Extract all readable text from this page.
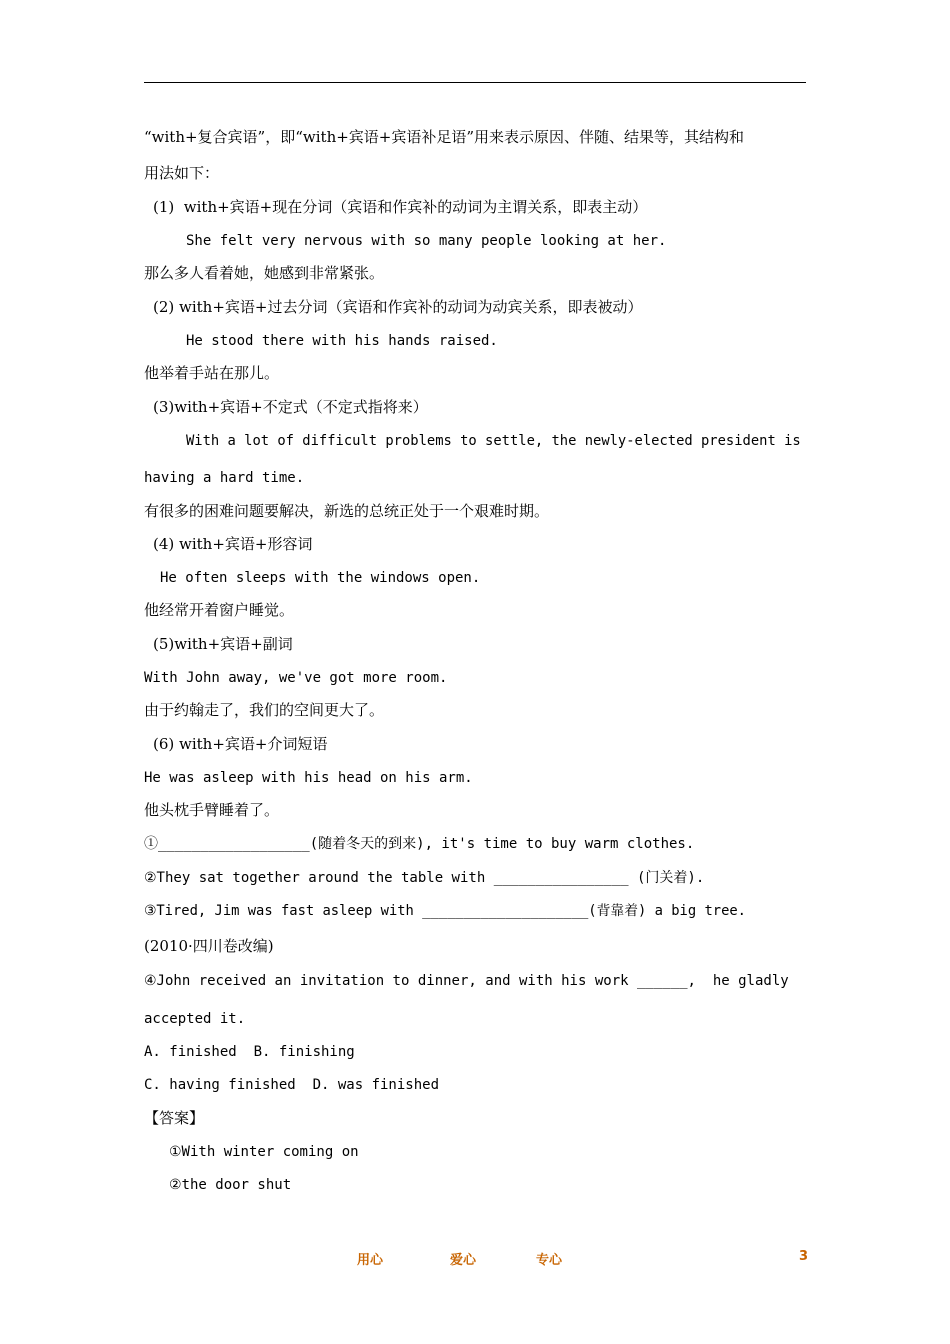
“with+复合宾语”，即“with+宾语+宾语补足语”用来表示原因、伴随、结果等，其结构和
用法如下：
(1)  with+宾语+现在分词（宾语和作宾补的动词为主谓关系，即表主动）
She felt very nervous with so many people looking at her.
那么多人看着她，她感到非常紧张。
(2) with+宾语+过去分词（宾语和作宾补的动词为动宾关系，即表被动）
He stood there with his hands raised.
他举着手站在那儿。
(3)with+宾语+不定式（不定式指将来）
With a lot of difficult problems to settle, the newly-elected president is
having a hard time.
有很多的困难问题要解决，新选的总统正处于一个艰难时期。
(4) with+宾语+形容词
He often sleeps with the windows open.
他经常开着窗户睡觉。
(5)with+宾语+副词
With John away, we've got more room.
由于约翰走了，我们的空间更大了。
(6) with+宾语+介词短语
He was asleep with his head on his arm.
他头枕手臂睡着了。
①__________________(随着冬天的到来), it's time to buy warm clothes.
②They sat together around the table with ________________ (门关着).
③Tired, Jim was fast asleep with ____________________(背靠着) a big tree.
(2010·四川卷改编)
④John received an invitation to dinner, and with his work ______,  he gladly
accepted it.
A. finished  B. finishing
C. having finished  D. was finished
【答案】
①With winter coming on
②the door shut
用心	爱心	专心	3
